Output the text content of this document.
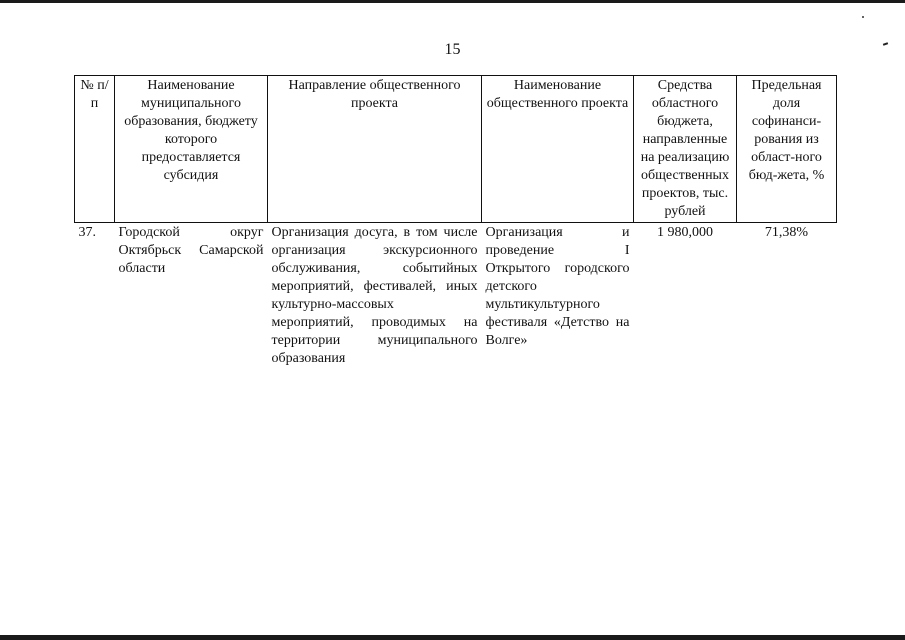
15
№ п/п	Наименование муниципального образования, бюджету которого предоставляется субсидия	Направление общественного проекта	Наименование общественного проекта	Средства областного бюджета, направленные на реализацию общественных проектов, тыс. рублей	Предельная доля софинанси-рования из област-ного бюд-жета, %
37.	Городской округ Октябрьск Самарской области	Организация досуга, в том числе организация экскурсионного обслуживания, событийных мероприятий, фестивалей, иных культурно-массовых мероприятий, проводимых на территории муниципального образования	Организация и проведение I Открытого городского детского мультикультурного фестиваля «Детство на Волге»	1 980,000	71,38%
